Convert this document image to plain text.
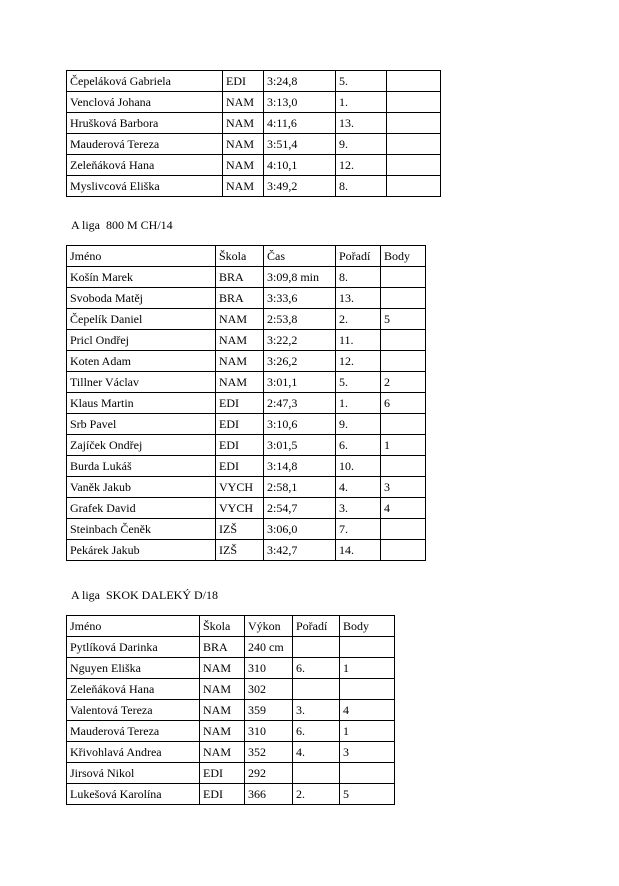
Čepeláková Gabriela	EDI	3:24,8	5.	
Venclová Johana	NAM	3:13,0	1.	
Hrušková Barbora	NAM	4:11,6	13.	
Mauderová Tereza	NAM	3:51,4	9.	
Zeleňáková Hana	NAM	4:10,1	12.	
Myslivcová Eliška	NAM	3:49,2	8.	
A liga  800 M CH/14
Jméno	Škola	Čas	Pořadí	Body
Košín Marek	BRA	3:09,8 min	8.	
Svoboda Matěj	BRA	3:33,6	13.	
Čepelík Daniel	NAM	2:53,8	2.	5
Pricl Ondřej	NAM	3:22,2	11.	
Koten Adam	NAM	3:26,2	12.	
Tillner Václav	NAM	3:01,1	5.	2
Klaus Martin	EDI	2:47,3	1.	6
Srb Pavel	EDI	3:10,6	9.	
Zajíček Ondřej	EDI	3:01,5	6.	1
Burda Lukáš	EDI	3:14,8	10.	
Vaněk Jakub	VYCH	2:58,1	4.	3
Grafek David	VYCH	2:54,7	3.	4
Steinbach Čeněk	IZŠ	3:06,0	7.	
Pekárek Jakub	IZŠ	3:42,7	14.	
A liga  SKOK DALEKÝ D/18
Jméno	Škola	Výkon	Pořadí	Body
Pytlíková Darinka	BRA	240 cm		
Nguyen Eliška	NAM	310	6.	1
Zeleňáková Hana	NAM	302		
Valentová Tereza	NAM	359	3.	4
Mauderová Tereza	NAM	310	6.	1
Křivohlavá Andrea	NAM	352	4.	3
Jirsová Nikol	EDI	292		
Lukešová Karolína	EDI	366	2.	5
